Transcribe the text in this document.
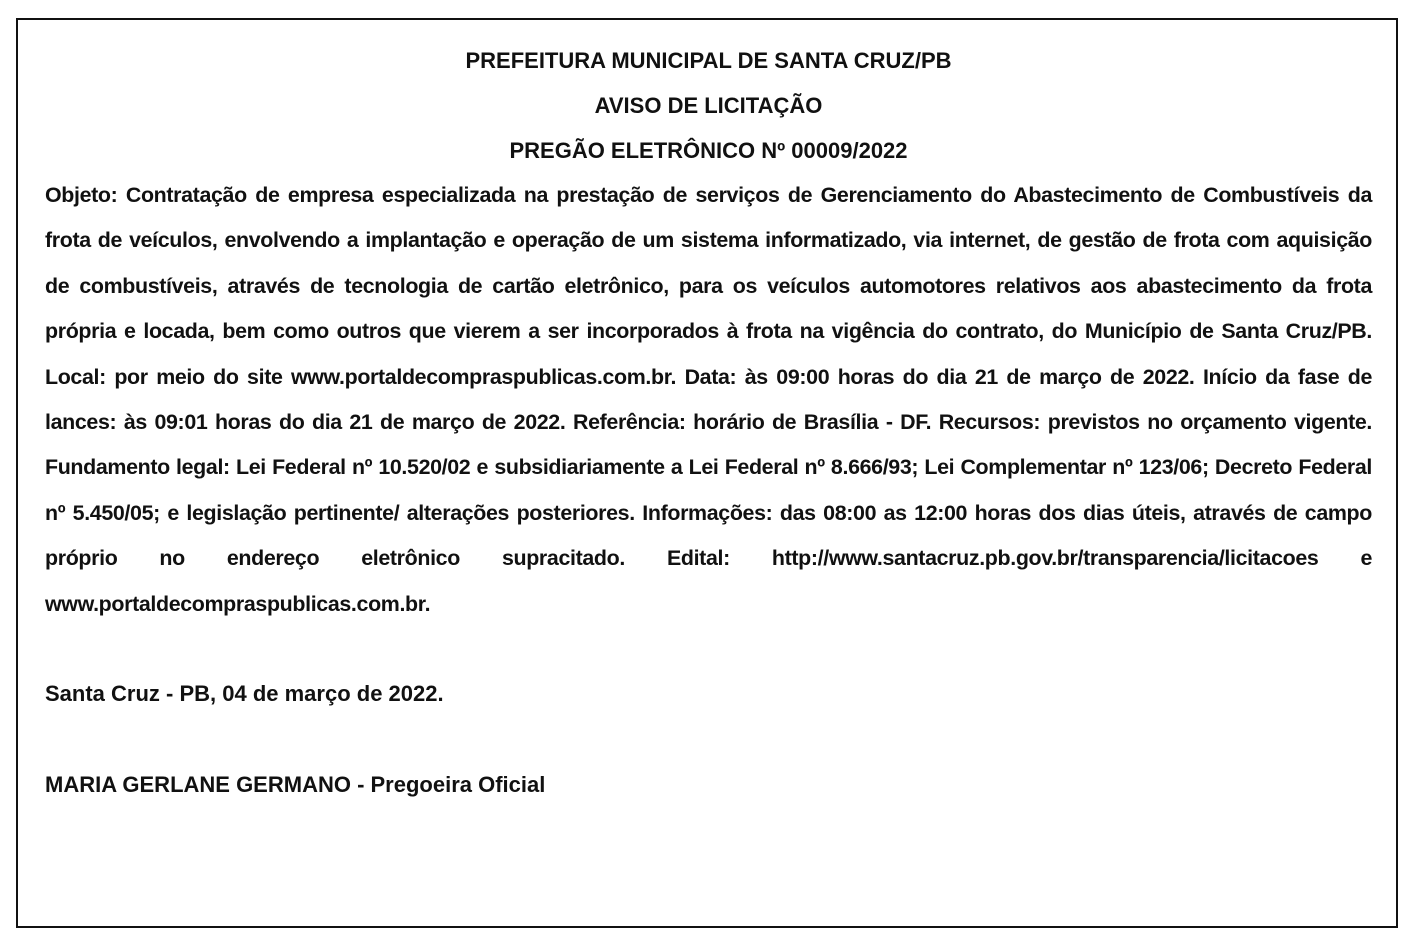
PREFEITURA MUNICIPAL DE SANTA CRUZ/PB
AVISO DE LICITAÇÃO
PREGÃO ELETRÔNICO Nº 00009/2022

Objeto: Contratação de empresa especializada na prestação de serviços de Gerenciamento do Abastecimento de Combustíveis da frota de veículos, envolvendo a implantação e operação de um sistema informatizado, via internet, de gestão de frota com aquisição de combustíveis, através de tecnologia de cartão eletrônico, para os veículos automotores relativos aos abastecimento da frota própria e locada, bem como outros que vierem a ser incorporados à frota na vigência do contrato, do Município de Santa Cruz/PB. Local: por meio do site www.portaldecompraspublicas.com.br. Data: às 09:00 horas do dia 21 de março de 2022. Início da fase de lances: às 09:01 horas do dia 21 de março de 2022. Referência: horário de Brasília - DF. Recursos: previstos no orçamento vigente. Fundamento legal: Lei Federal nº 10.520/02 e subsidiariamente a Lei Federal nº 8.666/93; Lei Complementar nº 123/06; Decreto Federal nº 5.450/05; e legislação pertinente/ alterações posteriores. Informações: das 08:00 as 12:00 horas dos dias úteis, através de campo próprio no endereço eletrônico supracitado. Edital: http://www.santacruz.pb.gov.br/transparencia/licitacoes e www.portaldecompraspublicas.com.br.

Santa Cruz - PB, 04 de março de 2022.

MARIA GERLANE GERMANO - Pregoeira Oficial
